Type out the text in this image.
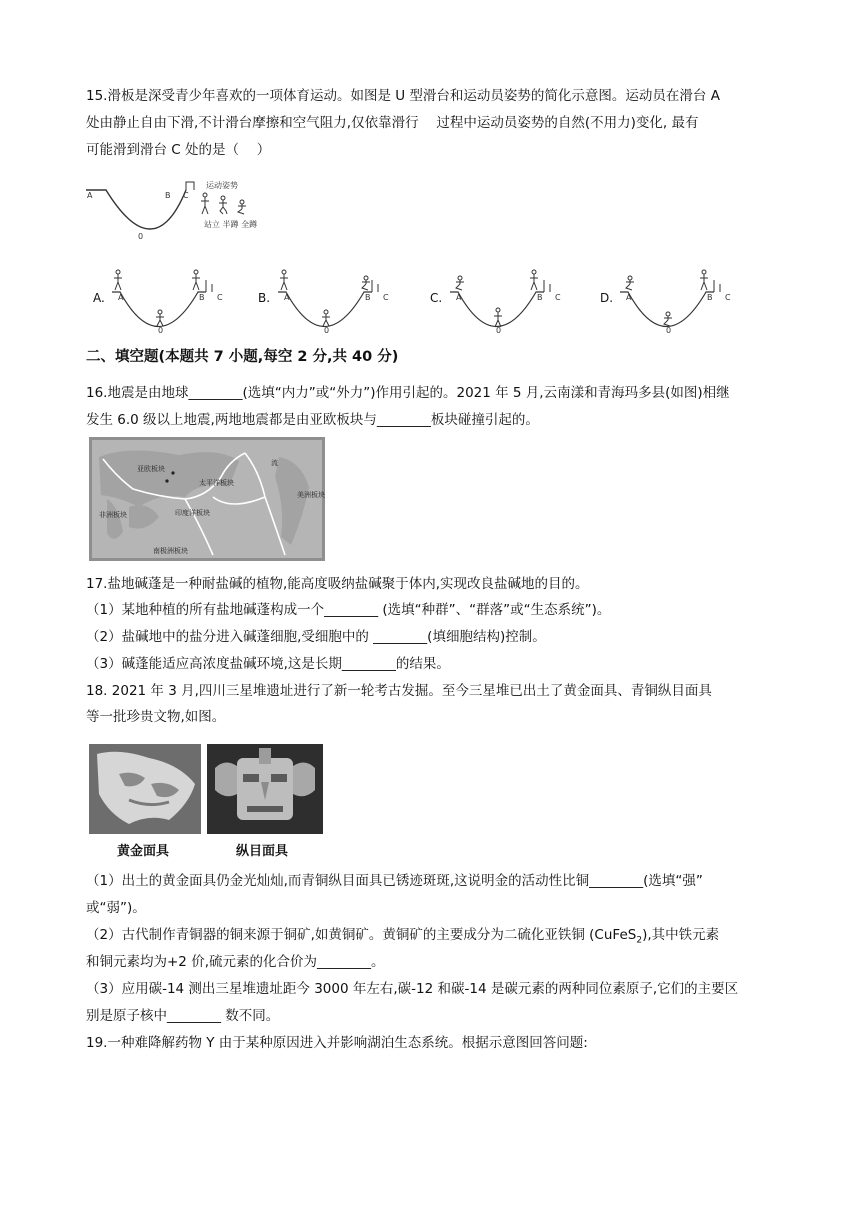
15.滑板是深受青少年喜欢的一项体育运动。如图是 U 型滑台和运动员姿势的简化示意图。运动员在滑台 A
处由静止自由下滑,不计滑台摩擦和空气阻力,仅依靠滑行　 过程中运动员姿势的自然(不用力)变化, 最有
可能滑到滑台 C 处的是（　 ）
A	B C
0
运动姿势
站立 半蹲 全蹲
A. A	B C
0
B. A	B C
0
C. A	B C
0
D. A	B C
0
二、填空题(本题共 7 小题,每空 2 分,共 40 分)
16.地震是由地球________(选填“内力”或“外力”)作用引起的。2021 年 5 月,云南漾和青海玛多县(如图)相继
发生 6.0 级以上地震,两地地震都是由亚欧板块与________板块碰撞引起的。
亚欧板块
太平洋板块
印度洋板块
非洲板块
美洲板块
南极洲板块
流
17.盐地碱蓬是一种耐盐碱的植物,能高度吸纳盐碱聚于体内,实现改良盐碱地的目的。
（1）某地种植的所有盐地碱蓬构成一个________ (选填“种群”、“群落”或“生态系统”)。
（2）盐碱地中的盐分进入碱蓬细胞,受细胞中的 ________(填细胞结构)控制。
（3）碱蓬能适应高浓度盐碱环境,这是长期________的结果。
18. 2021 年 3 月,四川三星堆遗址进行了新一轮考古发掘。至今三星堆已出土了黄金面具、青铜纵目面具
等一批珍贵文物,如图。
黄金面具	纵目面具
（1）出土的黄金面具仍金光灿灿,而青铜纵目面具已锈迹斑斑,这说明金的活动性比铜________(选填“强”
或“弱”)。
（2）古代制作青铜器的铜来源于铜矿,如黄铜矿。黄铜矿的主要成分为二硫化亚铁铜 (CuFeS$_2$),其中铁元素
和铜元素均为+2 价,硫元素的化合价为________。
（3）应用碳-14 测出三星堆遗址距今 3000 年左右,碳-12 和碳-14 是碳元素的两种同位素原子,它们的主要区
别是原子核中________ 数不同。
19.一种难降解药物 Y 由于某种原因进入并影响湖泊生态系统。根据示意图回答问题:
